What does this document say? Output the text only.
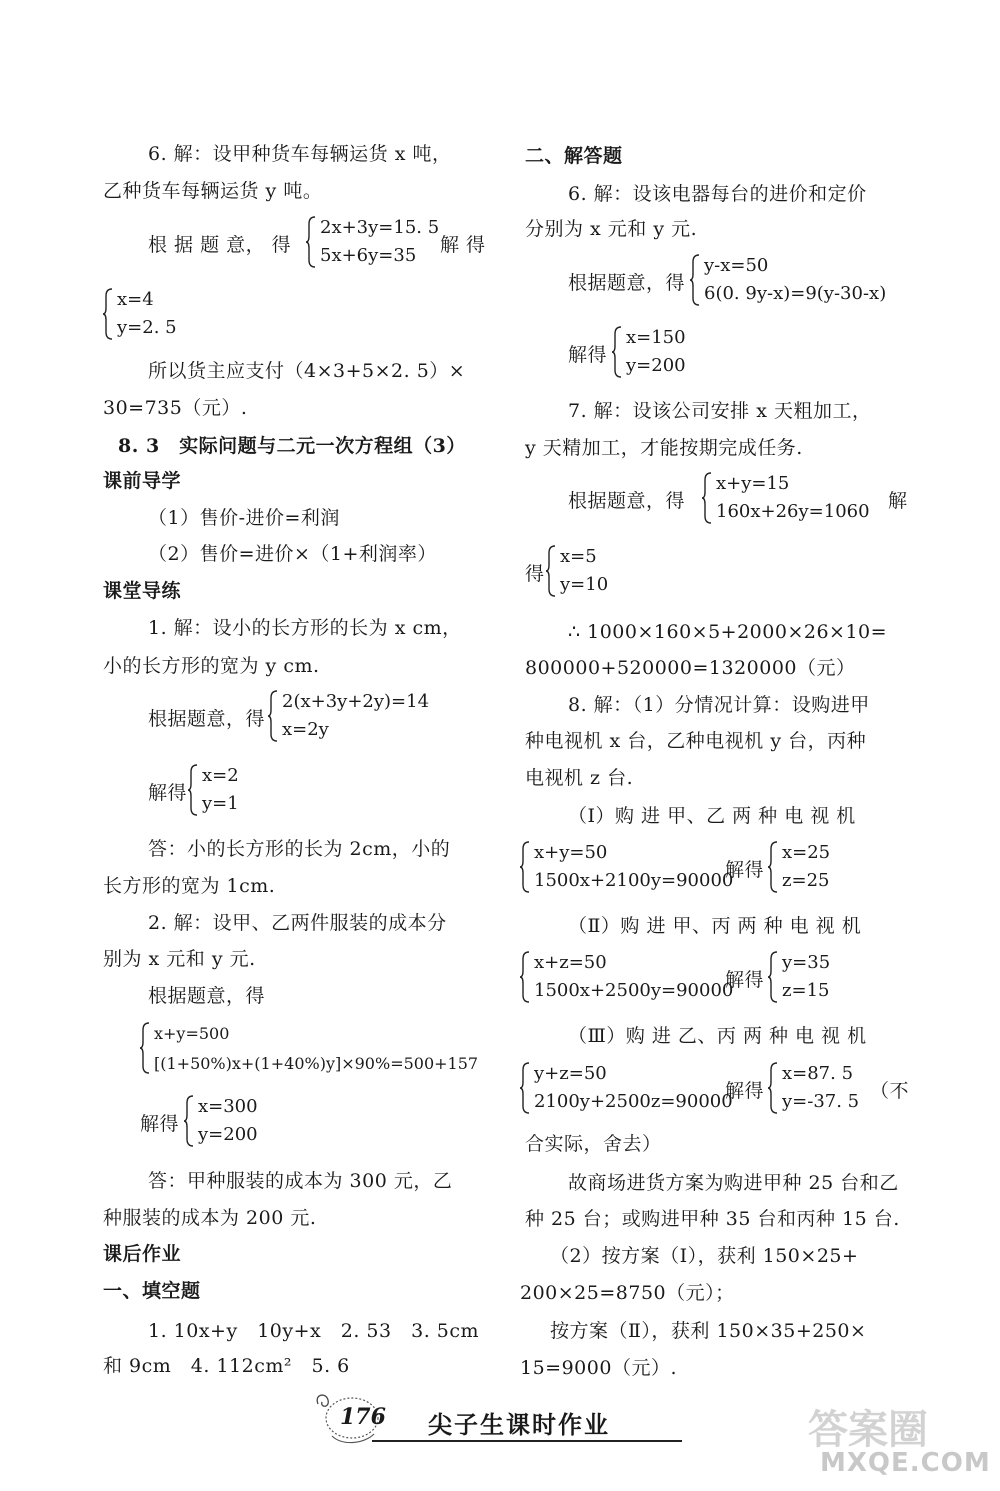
6. 解：设甲种货车每辆运货 x 吨，
乙种货车每辆运货 y 吨。
根 据 题 意， 得
2x+3y=15. 5
5x+6y=35 解 得
x=4
y=2. 5
所以货主应支付（4×3+5×2. 5）×
30=735（元）.
8. 3　实际问题与二元一次方程组（3）
课前导学
（1）售价-进价=利润
（2）售价=进价×（1+利润率）
课堂导练
1. 解：设小的长方形的长为 x cm，
小的长方形的宽为 y cm.
根据题意，得
2(x+3y+2y)=14
x=2y
解得
x=2
y=1
答：小的长方形的长为 2cm，小的
长方形的宽为 1cm.
2. 解：设甲、乙两件服装的成本分
别为 x 元和 y 元.
根据题意，得
x+y=500
[(1+50%)x+(1+40%)y]×90%=500+157
解得
x=300
y=200
答：甲种服装的成本为 300 元，乙
种服装的成本为 200 元.
课后作业
一、填空题
1. 10x+y　10y+x　2. 53　3. 5cm
和 9cm　4. 112cm²　5. 6
二、解答题
6. 解：设该电器每台的进价和定价
分别为 x 元和 y 元.
根据题意，得
y-x=50
6(0. 9y-x)=9(y-30-x)
解得
x=150
y=200
7. 解：设该公司安排 x 天粗加工，
y 天精加工，才能按期完成任务.
根据题意，得
x+y=15
160x+26y=1060 解
得
x=5
y=10
∴ 1000×160×5+2000×26×10=
800000+520000=1320000（元）
8. 解：（1）分情况计算：设购进甲
种电视机 x 台，乙种电视机 y 台，丙种
电视机 z 台.
（Ⅰ）购 进 甲、乙 两 种 电 视 机
x+y=50
1500x+2100y=90000
解得
x=25
z=25
（Ⅱ）购 进 甲、丙 两 种 电 视 机
x+z=50
1500x+2500y=90000
解得
y=35
z=15
（Ⅲ）购 进 乙、丙 两 种 电 视 机
y+z=50
2100y+2500z=90000
解得
x=87. 5
y=-37. 5 （不
合实际，舍去）
故商场进货方案为购进甲种 25 台和乙
种 25 台；或购进甲种 35 台和丙种 15 台.
（2）按方案（Ⅰ），获利 150×25+
200×25=8750（元）；
按方案（Ⅱ），获利 150×35+250×
15=9000（元）.
176 尖子生课时作业	答案圈
MXQE.COM
